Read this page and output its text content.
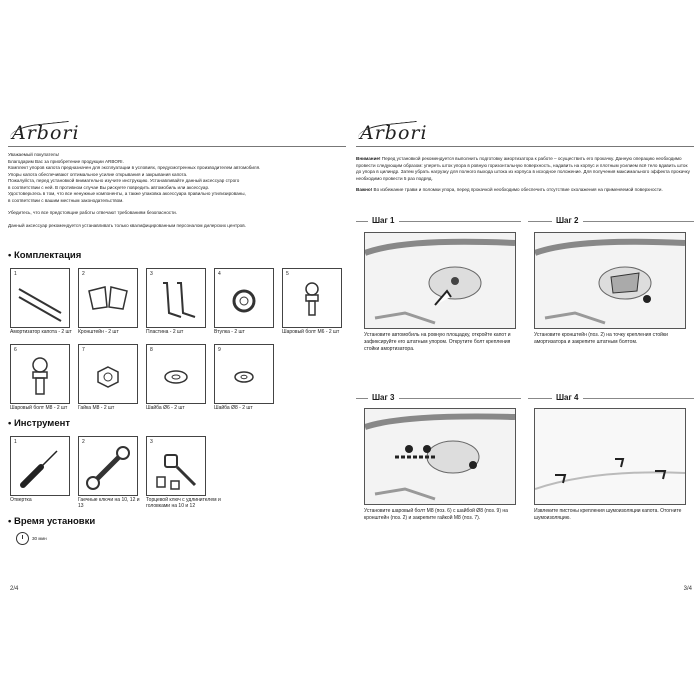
Arbori
Уважаемый покупатель!
Благодарим Вас за приобретение продукции ARBORI.
Комплект упоров капота предназначен для эксплуатации в условиях, предусмотренных производителем автомобиля.
Упоры капота обеспечивают оптимальное усилие открывания и закрывания капота.
Пожалуйста, перед установкой внимательно изучите инструкцию. Устанавливайте данный аксессуар строго
в соответствии с ней. В противном случае Вы рискуете повредить автомобиль или аксессуар.
Удостоверьтесь в том, что все ненужные компоненты, а также упаковка аксессуара правильно утилизированы,
в соответствии с вашим местным законодательством.
Убедитесь, что все предстоящие работы отвечают требованиям безопасности.
Данный аксессуар рекомендуется устанавливать только квалифицированным персоналом дилерских центров.
• Комплектация
1
Амортизатор капота - 2 шт
2
Кронштейн - 2 шт
3
Пластина - 2 шт
4
Втулка - 2 шт
5
Шаровый болт М6 - 2 шт
6
Шаровый болт М8 - 2 шт
7
Гайка М8 - 2 шт
8
Шайба Ø6 - 2 шт
9
Шайба Ø8 - 2 шт
• Инструмент
1
Отвертка
2
Гаечные ключи на 10, 12 и 13
3
Торцевой ключ с удлинителем и головками на 10 и 12
• Время установки
30 мин
2/4
Arbori

Внимание! Перед установкой рекомендуется выполнить подготовку амортизатора к работе – осуществить его прокачку. Данную операцию необходимо провести следующим образом: упереть шток упора в ровную горизонтальную поверхность, надавить на корпус и плотным усилием всё тело вдавить шток до упора в цилиндр. Затем убрать нагрузку для полного выхода штока из корпуса в исходное положение. Для получения максимального эффекта прокачку необходимо провести 5 раз подряд.

Важно! Во избежание травм и поломки упора, перед прокачкой необходимо обеспечить отсутствие охолажения на применяемой поверхности.

Шаг 1
Установите автомобиль на ровную площадку, откройте капот и зафиксируйте его штатным упором. Открутите болт крепления стойки амортизатора.
Шаг 2
Установите кронштейн (поз. 2) на точку крепления стойки амортизатора и закрепите штатным болтом.
Шаг 3
Установите шаровый болт М8 (поз. 6) с шайбой Ø8 (поз. 9) на кронштейн (поз. 2) и закрепите гайкой М8 (поз. 7).
Шаг 4
Извлеките пистоны крепления шумоизоляции капота. Отогните шумоизоляцию.
3/4
